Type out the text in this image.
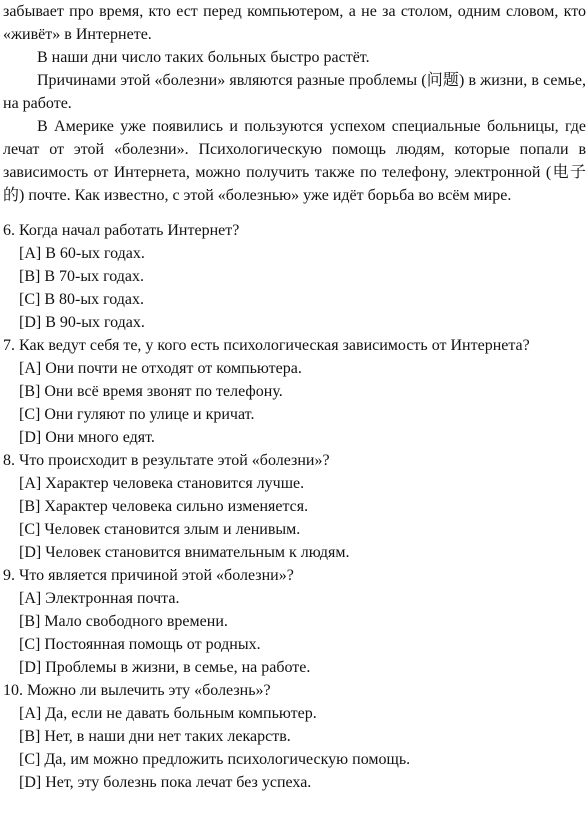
забывает про время, кто ест перед компьютером, а не за столом, одним словом, кто «живёт» в Интернете.

В наши дни число таких больных быстро растёт.

Причинами этой «болезни» являются разные проблемы (问题) в жизни, в семье, на работе.

В Америке уже появились и пользуются успехом специальные больницы, где лечат от этой «болезни». Психологическую помощь людям, которые попали в зависимость от Интернета, можно получить также по телефону, электронной (电子的) почте. Как известно, с этой «болезнью» уже идёт борьба во всём мире.

6. Когда начал работать Интернет?

[A] В 60-ых годах.

[B] В 70-ых годах.

[C] В 80-ых годах.

[D] В 90-ых годах.

7. Как ведут себя те, у кого есть психологическая зависимость от Интернета?

[A] Они почти не отходят от компьютера.

[B] Они всё время звонят по телефону.

[C] Они гуляют по улице и кричат.

[D] Они много едят.

8. Что происходит в результате этой «болезни»?

[A] Характер человека становится лучше.

[B] Характер человека сильно изменяется.

[C] Человек становится злым и ленивым.

[D] Человек становится внимательным к людям.

9. Что является причиной этой «болезни»?

[A] Электронная почта.

[B] Мало свободного времени.

[C] Постоянная помощь от родных.

[D] Проблемы в жизни, в семье, на работе.

10. Можно ли вылечить эту «болезнь»?

[A] Да, если не давать больным компьютер.

[B] Нет, в наши дни нет таких лекарств.

[C] Да, им можно предложить психологическую помощь.

[D] Нет, эту болезнь пока лечат без успеха.
